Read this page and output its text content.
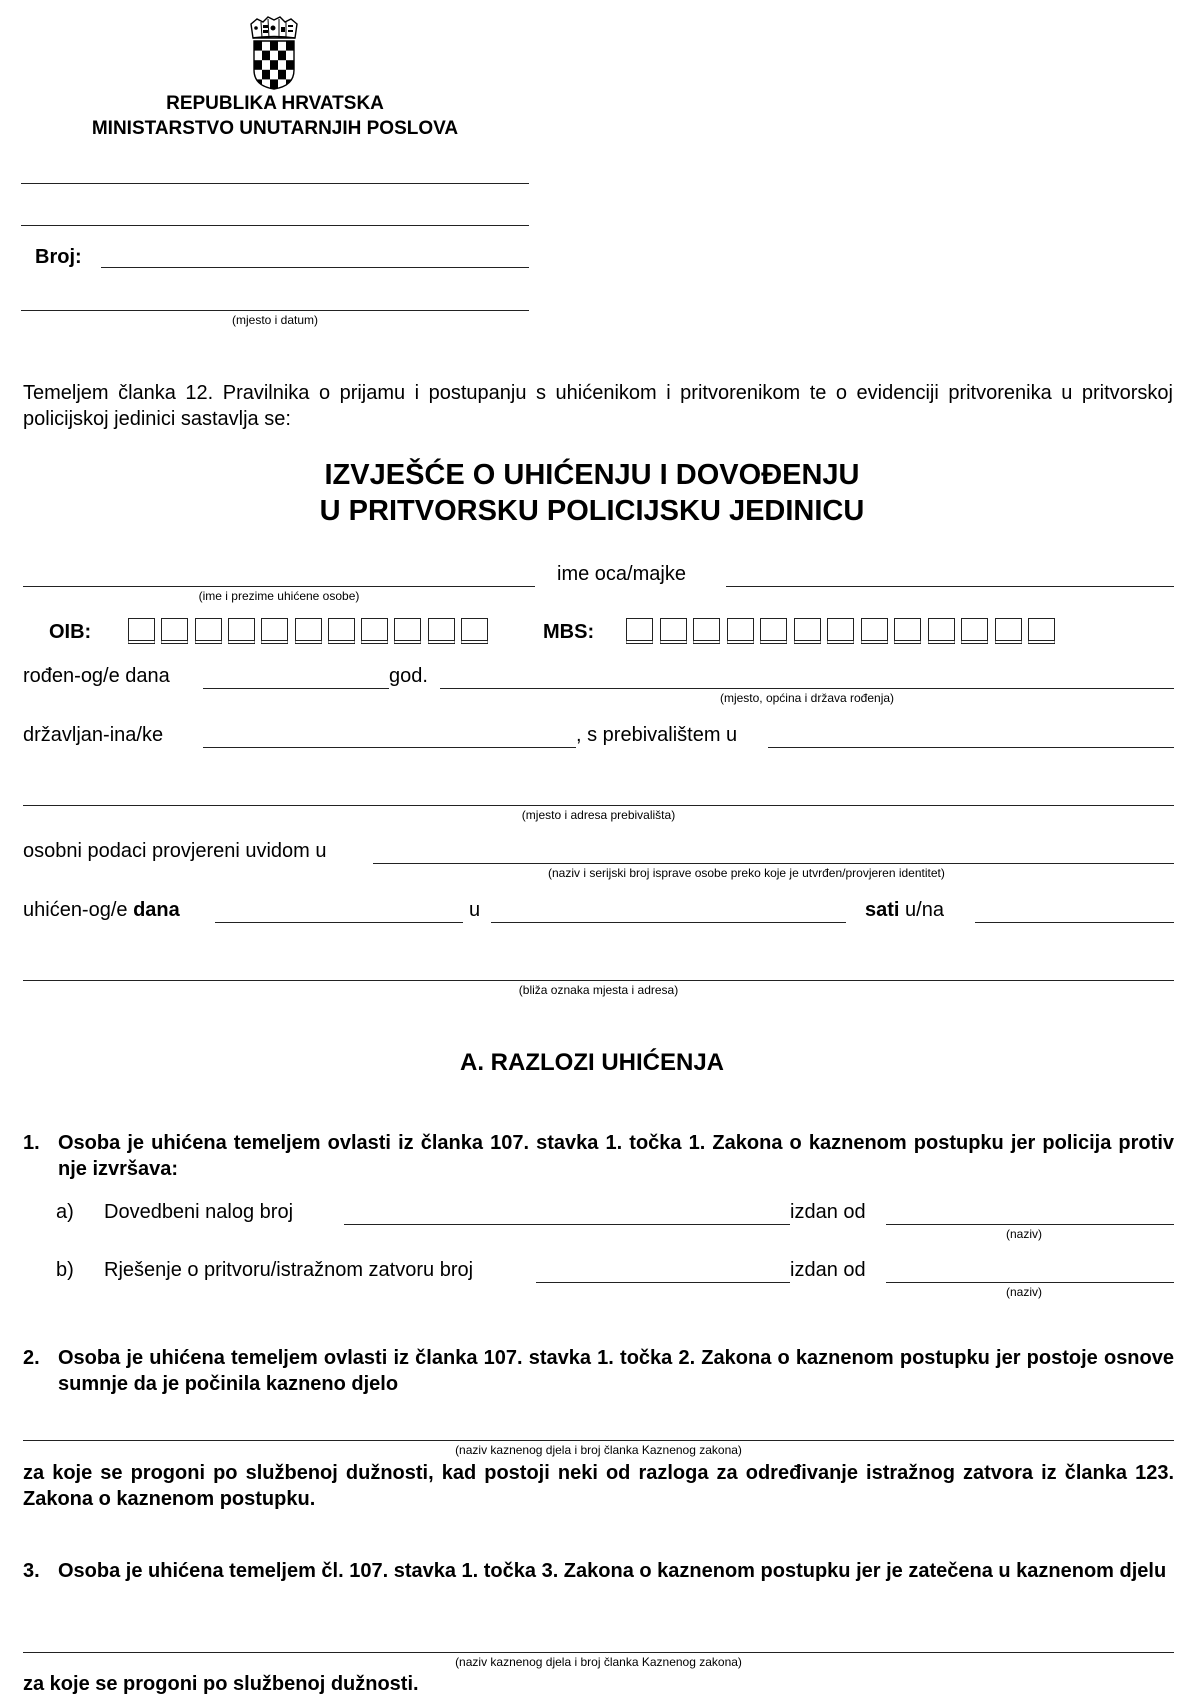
REPUBLIKA HRVATSKA
MINISTARSTVO UNUTARNJIH POSLOVA
Broj:
(mjesto i datum)
Temeljem članka 12. Pravilnika o prijamu i postupanju s uhićenikom i pritvorenikom te o evidenciji pritvorenika u pritvorskoj policijskoj jedinici sastavlja se:
IZVJEŠĆE O UHIĆENJU I DOVOĐENJU
U PRITVORSKU POLICIJSKU JEDINICU
(ime i prezime uhićene osobe)
ime oca/majke
OIB:	MBS:
rođen-og/e dana	god.
(mjesto, općina i država rođenja)
državljan-ina/ke	, s prebivalištem u
(mjesto i adresa prebivališta)
osobni podaci provjereni uvidom u
(naziv i serijski broj isprave osobe preko koje je utvrđen/provjeren identitet)
uhićen-og/e dana	u	sati u/na
(bliža oznaka mjesta i adresa)
A. RAZLOZI UHIĆENJA
1. Osoba je uhićena temeljem ovlasti iz članka 107. stavka 1. točka 1. Zakona o kaznenom postupku jer policija protiv nje izvršava:
a) Dovedbeni nalog broj	izdan od
(naziv)
b) Rješenje o pritvoru/istražnom zatvoru broj	izdan od
(naziv)
2. Osoba je uhićena temeljem ovlasti iz članka 107. stavka 1. točka 2. Zakona o kaznenom postupku jer postoje osnove sumnje da je počinila kazneno djelo
(naziv kaznenog djela i broj članka Kaznenog zakona)
za koje se progoni po službenoj dužnosti, kad postoji neki od razloga za određivanje istražnog zatvora iz članka 123. Zakona o kaznenom postupku.
3. Osoba je uhićena temeljem čl. 107. stavka 1. točka 3. Zakona o kaznenom postupku jer je zatečena u kaznenom djelu
(naziv kaznenog djela i broj članka Kaznenog zakona)
za koje se progoni po službenoj dužnosti.
